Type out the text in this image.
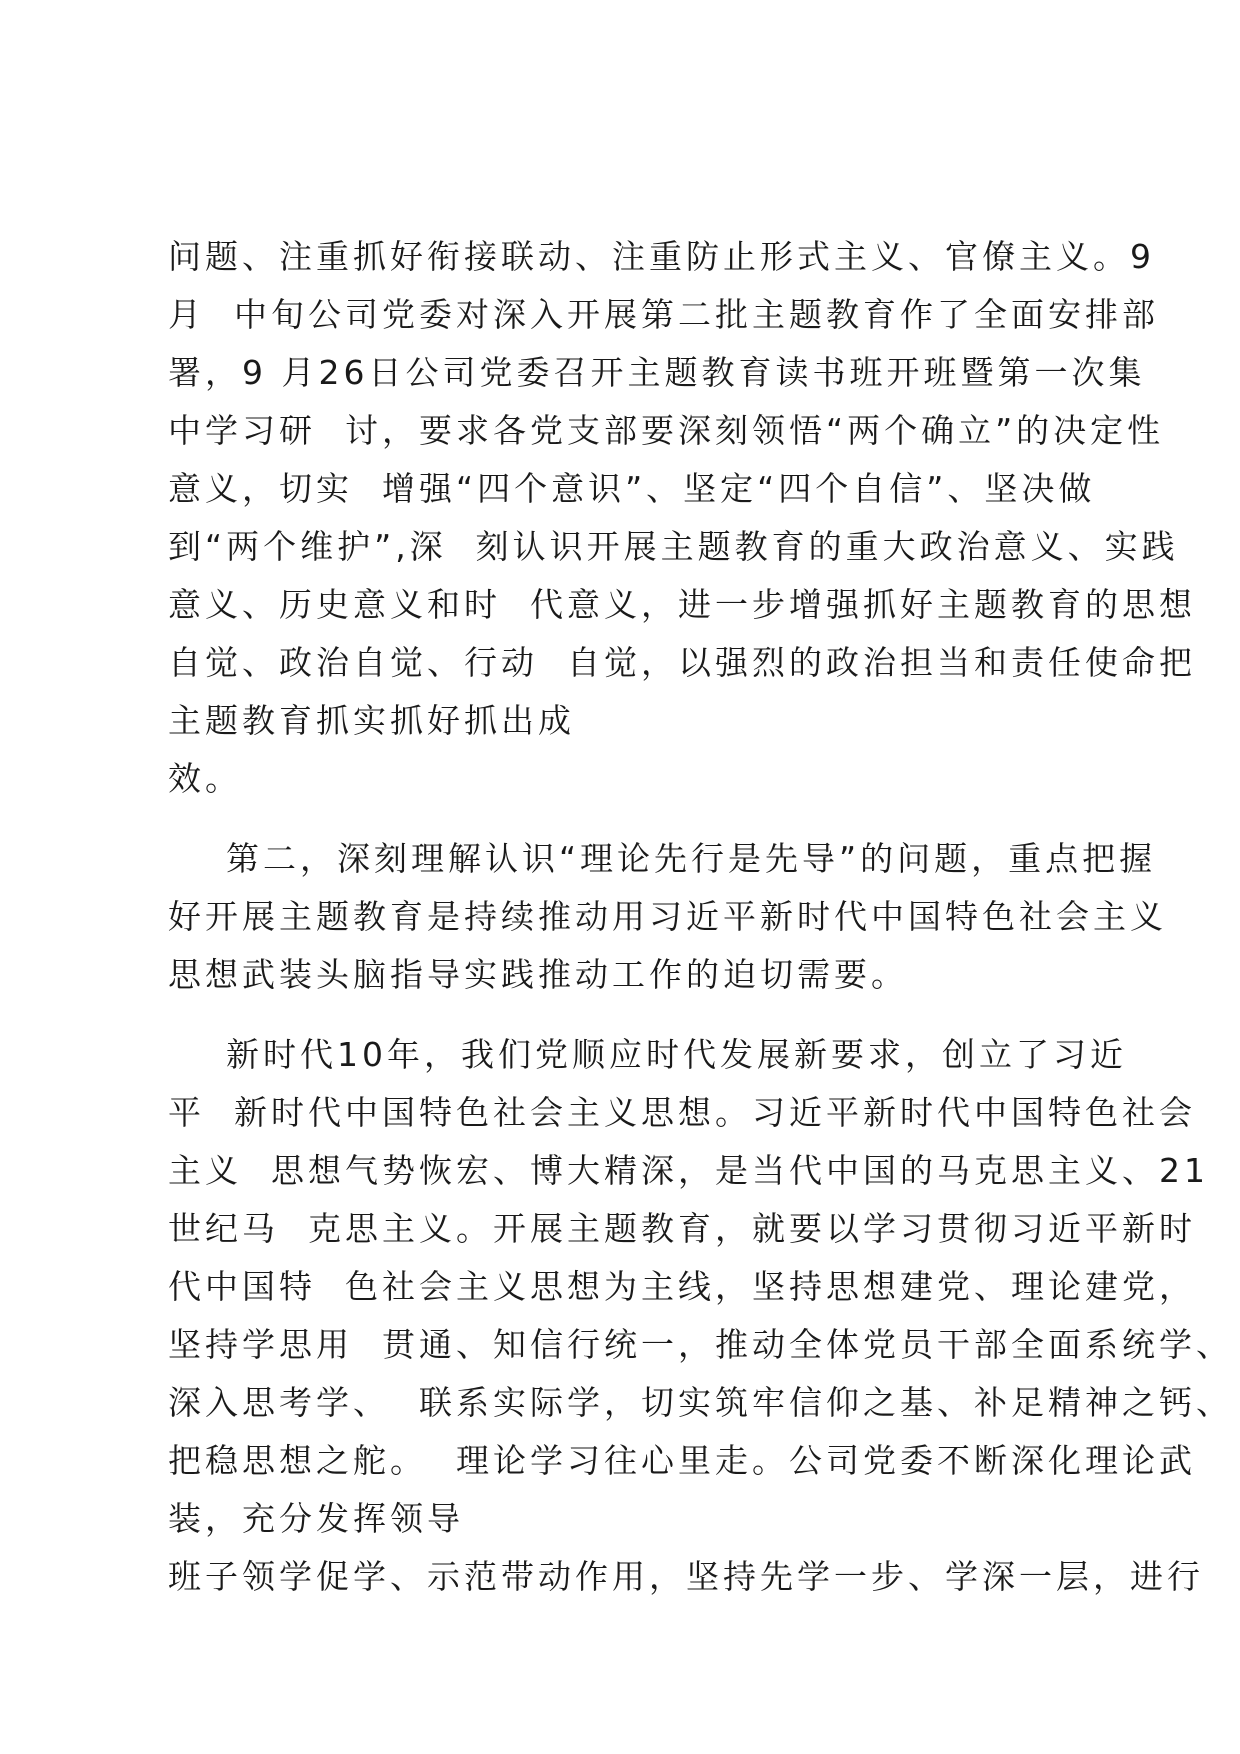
问题、注重抓好衔接联动、注重防止形式主义、官僚主义。9
月  中旬公司党委对深入开展第二批主题教育作了全面安排部
署，9 月26日公司党委召开主题教育读书班开班暨第一次集
中学习研  讨，要求各党支部要深刻领悟“两个确立”的决定性
意义，切实  增强“四个意识”、坚定“四个自信”、坚决做
到“两个维护”,深  刻认识开展主题教育的重大政治意义、实践
意义、历史意义和时  代意义，进一步增强抓好主题教育的思想
自觉、政治自觉、行动  自觉，以强烈的政治担当和责任使命把
主题教育抓实抓好抓出成
效。
第二，深刻理解认识“理论先行是先导”的问题，重点把握
好开展主题教育是持续推动用习近平新时代中国特色社会主义
思想武装头脑指导实践推动工作的迫切需要。
新时代10年，我们党顺应时代发展新要求，创立了习近
平  新时代中国特色社会主义思想。习近平新时代中国特色社会
主义  思想气势恢宏、博大精深，是当代中国的马克思主义、21
世纪马  克思主义。开展主题教育，就要以学习贯彻习近平新时
代中国特  色社会主义思想为主线，坚持思想建党、理论建党，
坚持学思用  贯通、知信行统一，推动全体党员干部全面系统学、
深入思考学、  联系实际学，切实筑牢信仰之基、补足精神之钙、
把稳思想之舵。  理论学习往心里走。公司党委不断深化理论武
装，充分发挥领导
班子领学促学、示范带动作用，坚持先学一步、学深一层，进行
